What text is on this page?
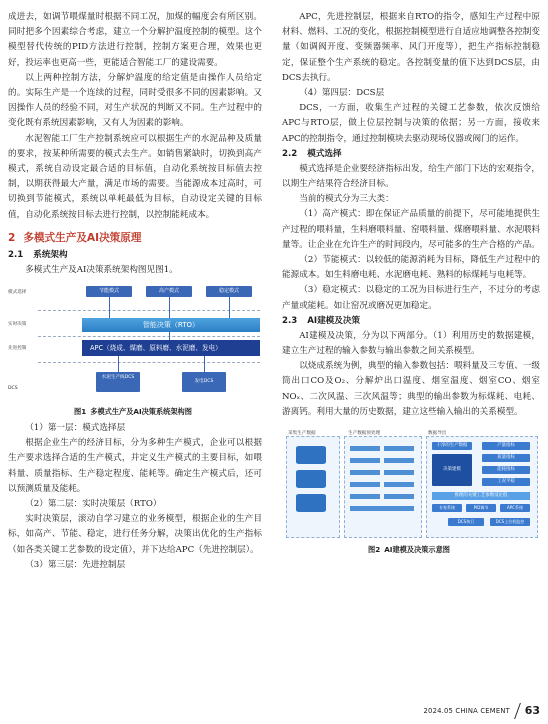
成进去，如调节喂煤量时根据不同工况，加煤的幅度会有所区别。同时把多个因素综合考虑，建立一个分解护温度控制的模型。这个模型替代传统的PID方法进行控制，控制方案更合理，效果也更好，投运率也更高一些，更能适合智能工厂的建设需要。

以上两种控制方法，分解炉温度的给定值是由操作人员给定的。实际生产是一个连续的过程，同时受很多不同的因素影响。又因操作人员的经验不同，对生产状况的判断又不同。生产过程中的变化既有系统因素影响，又有人为因素的影响。

水泥智能工厂生产控制系统应可以根据生产的水泥品种及质量的要求，按某种所需要的模式去生产。如销售紧缺时，切换到高产模式，系统自动设定最合适的目标值，自动化系统按目标值去控制，以期获得最大产量，满足市场的需要。当能源成本过高时，可切换到节能模式，系统以单耗最低为目标，自动设定关键的目标值，自动化系统按目标去进行控制，以控制能耗成本。

2 多模式生产及AI决策原理
2.1 系统架构

多模式生产及AI决策系统架构图见图1。

模式选择
实时决策
先进控制
DCS
节能模式	高产模式	稳定模式
智能决策（RTO）
APC（烧成、煤磨、原料磨、水泥磨、发电）
水泥生产线DCS
发电DCS
图1 多模式生产及AI决策系统架构图

（1）第一层：模式选择层

根据企业生产的经济目标，分为多种生产模式，企业可以根据生产要求选择合适的生产模式，并定义生产模式的主要目标，如喂料量、质量指标、生产稳定程度、能耗等。确定生产模式后，还可以预测质量及能耗。

（2）第二层：实时决策层（RTO）

实时决策层，滚动自学习建立的业务模型，根据企业的生产目标，如高产、节能、稳定，进行任务分解，决策出优化的生产指标（如各类关键工艺参数的设定值），并下达给APC（先进控制层）。

（3）第三层：先进控制层

APC，先进控制层，根据来自RTO的指令，感知生产过程中原材料、燃料、工况的变化，根据控制模型进行自适应地调整各控制变量（如调阀开度、变频器频率、风门开度等），把生产指标控制稳定，保证整个生产系统的稳定。各控制变量的值下达到DCS层，由DCS去执行。

（4）第四层：DCS层

DCS，一方面，收集生产过程的关键工艺参数，依次反馈给APC与RTO层，做上位层控制与决策的依据；另一方面，接收来APC的控制指令，通过控制模块去驱动现场仪器或阀门的运作。

2.2 模式选择

模式选择是企业要经济指标出发，给生产部门下达的宏观指令，以期生产结果符合经济目标。

当前的模式分为三大类：

（1）高产模式：即在保证产品质量的前提下，尽可能地提供生产过程的喂料量，生料磨喂料量、窑喂料量、煤磨喂料量、水泥喂料量等。让企业在允许生产的时间段内，尽可能多的生产合格的产品。

（2）节能模式：以较低的能源消耗为目标，降低生产过程中的能源成本。如生料磨电耗、水泥磨电耗、熟料的标煤耗与电耗等。

（3）稳定模式：以稳定的工况为目标进行生产，不过分的考虑产量或能耗。如让窑况或磨况更加稳定。

2.3 AI建模及决策

AI建模及决策，分为以下两部分。（1）利用历史的数据建模，建立生产过程的输入参数与输出参数之间关系模型。

以烧成系统为例，典型的输入参数包括：喂料量及三专值、一级筒出口CO及O₂、分解炉出口温度、烟室温度、烟室CO、烟室NOₓ、二次风温、三次风温等；典型的输出参数为标煤耗、电耗、游离钙。利用大量的历史数据，建立这些输入输出的关系模型。

采集生产数据	生产数据预处理	数据导出
干净的生产数据
决策建模
产量指标
质量指标
能耗指标
工况平稳
推理的关键工艺参数设定值
专家系统	PID调节	APC系统
DCS执行	DCS上位机监控
图2 AI建模及决策示意图
2024.05 CHINA CEMENT 63
